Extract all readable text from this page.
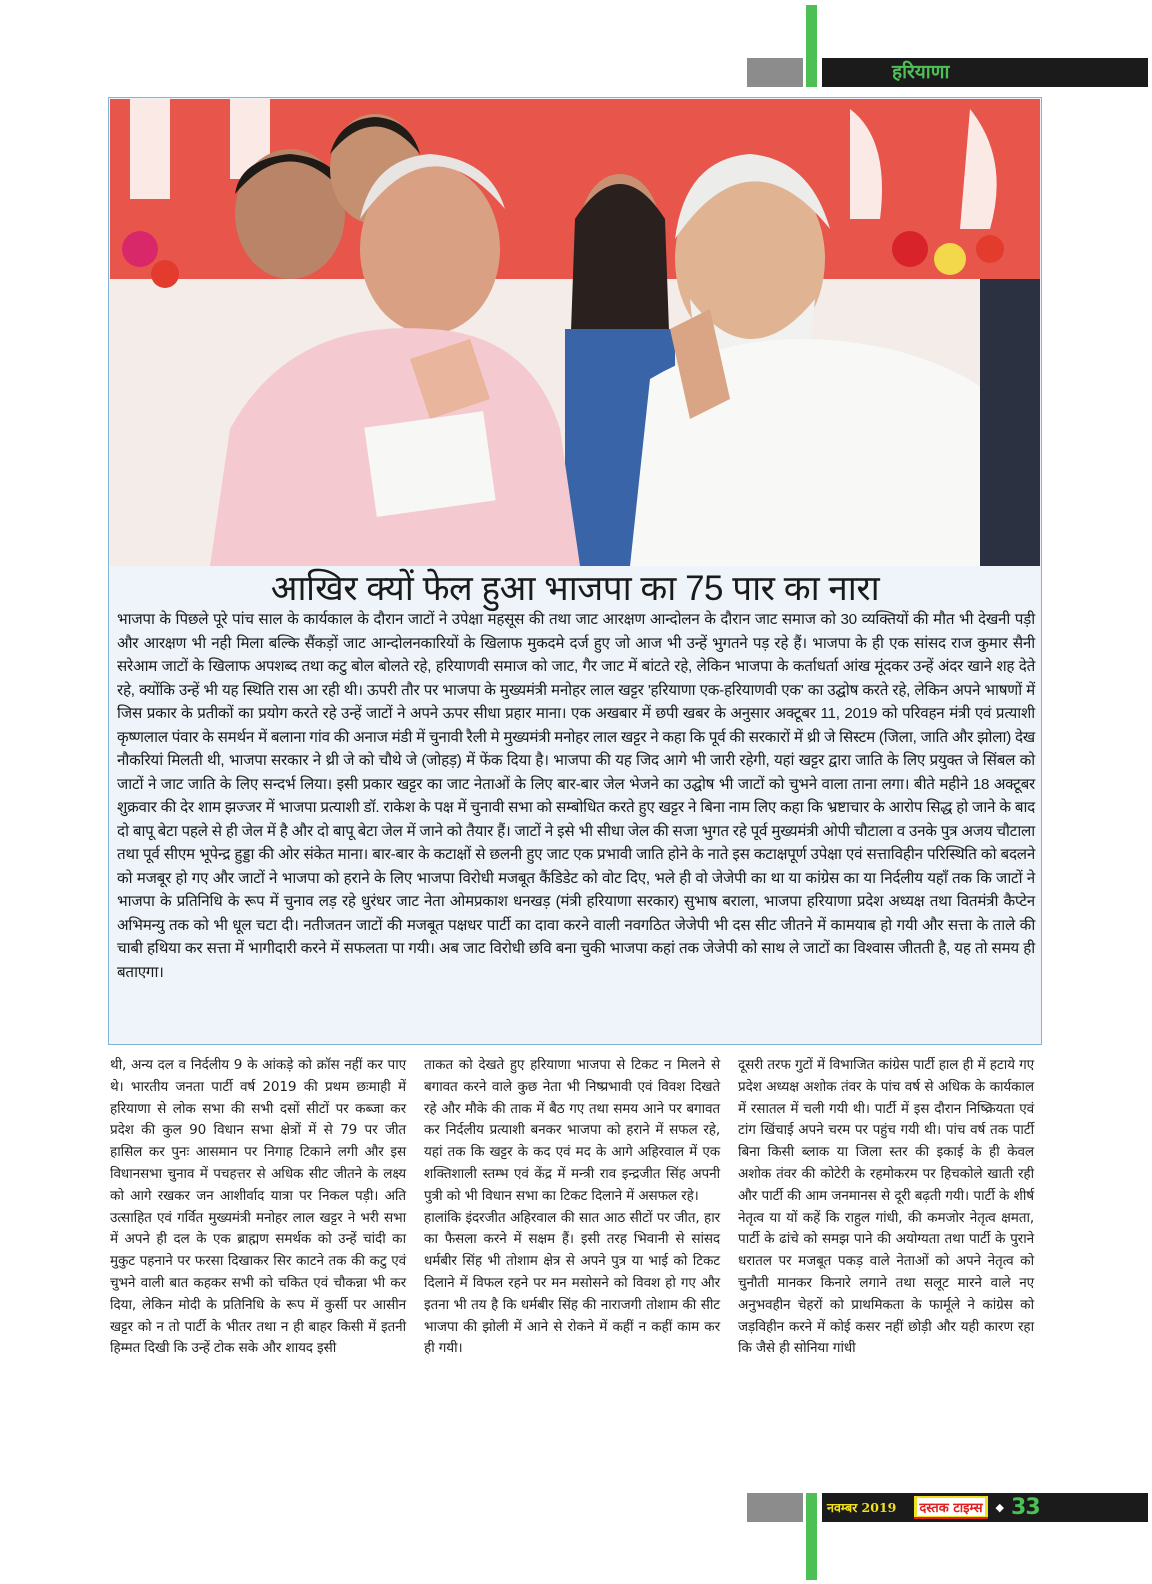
हरियाणा
आखिर क्यों फेल हुआ भाजपा का 75 पार का नारा
भाजपा के पिछले पूरे पांच साल के कार्यकाल के दौरान जाटों ने उपेक्षा महसूस की तथा जाट आरक्षण आन्दोलन के दौरान जाट समाज को 30 व्यक्तियों की मौत भी देखनी पड़ी और आरक्षण भी नही मिला बल्कि सैंकड़ों जाट आन्दोलनकारियों के खिलाफ मुकदमे दर्ज हुए जो आज भी उन्हें भुगतने पड़ रहे हैं। भाजपा के ही एक सांसद राज कुमार सैनी सरेआम जाटों के खिलाफ अपशब्द तथा कटु बोल बोलते रहे, हरियाणवी समाज को जाट, गैर जाट में बांटते रहे, लेकिन भाजपा के कर्ताधर्ता आंख मूंदकर उन्हें अंदर खाने शह देते रहे, क्योंकि उन्हें भी यह स्थिति रास आ रही थी। ऊपरी तौर पर भाजपा के मुख्यमंत्री मनोहर लाल खट्टर 'हरियाणा एक-हरियाणवी एक' का उद्घोष करते रहे, लेकिन अपने भाषणों में जिस प्रकार के प्रतीकों का प्रयोग करते रहे उन्हें जाटों ने अपने ऊपर सीधा प्रहार माना। एक अखबार में छपी खबर के अनुसार अक्टूबर 11, 2019 को परिवहन मंत्री एवं प्रत्याशी कृष्णलाल पंवार के समर्थन में बलाना गांव की अनाज मंडी में चुनावी रैली मे मुख्यमंत्री मनोहर लाल खट्टर ने कहा कि पूर्व की सरकारों में थ्री जे सिस्टम (जिला, जाति और झोला) देख नौकरियां मिलती थी, भाजपा सरकार ने थ्री जे को चौथे जे (जोहड़) में फेंक दिया है। भाजपा की यह जिद आगे भी जारी रहेगी, यहां खट्टर द्वारा जाति के लिए प्रयुक्त जे सिंबल को जाटों ने जाट जाति के लिए सन्दर्भ लिया। इसी प्रकार खट्टर का जाट नेताओं के लिए बार-बार जेल भेजने का उद्घोष भी जाटों को चुभने वाला ताना लगा। बीते महीने 18 अक्टूबर शुक्रवार की देर शाम झज्जर में भाजपा प्रत्याशी डॉ. राकेश के पक्ष में चुनावी सभा को सम्बोधित करते हुए खट्टर ने बिना नाम लिए कहा कि भ्रष्टाचार के आरोप सिद्ध हो जाने के बाद दो बापू बेटा पहले से ही जेल में है और दो बापू बेटा जेल में जाने को तैयार हैं। जाटों ने इसे भी सीधा जेल की सजा भुगत रहे पूर्व मुख्यमंत्री ओपी चौटाला व उनके पुत्र अजय चौटाला तथा पूर्व सीएम भूपेन्द्र हुड्डा की ओर संकेत माना। बार-बार के कटाक्षों से छलनी हुए जाट एक प्रभावी जाति होने के नाते इस कटाक्षपूर्ण उपेक्षा एवं सत्ताविहीन परिस्थिति को बदलने को मजबूर हो गए और जाटों ने भाजपा को हराने के लिए भाजपा विरोधी मजबूत कैंडिडेट को वोट दिए, भले ही वो जेजेपी का था या कांग्रेस का या निर्दलीय यहाँ तक कि जाटों ने भाजपा के प्रतिनिधि के रूप में चुनाव लड़ रहे धुरंधर जाट नेता ओमप्रकाश धनखड़ (मंत्री हरियाणा सरकार) सुभाष बराला, भाजपा हरियाणा प्रदेश अध्यक्ष तथा वितमंत्री कैप्टेन अभिमन्यु तक को भी धूल चटा दी। नतीजतन जाटों की मजबूत पक्षधर पार्टी का दावा करने वाली नवगठित जेजेपी भी दस सीट जीतने में कामयाब हो गयी और सत्ता के ताले की चाबी हथिया कर सत्ता में भागीदारी करने में सफलता पा गयी। अब जाट विरोधी छवि बना चुकी भाजपा कहां तक जेजेपी को साथ ले जाटों का विश्वास जीतती है, यह तो समय ही बताएगा।

थी, अन्य दल व निर्दलीय 9 के आंकड़े को क्रॉस नहीं कर पाए थे। भारतीय जनता पार्टी वर्ष 2019 की प्रथम छःमाही में हरियाणा से लोक सभा की सभी दसों सीटों पर कब्जा कर प्रदेश की कुल 90 विधान सभा क्षेत्रों में से 79 पर जीत हासिल कर पुनः आसमान पर निगाह टिकाने लगी और इस विधानसभा चुनाव में पचहत्तर से अधिक सीट जीतने के लक्ष्य को आगे रखकर जन आशीर्वाद यात्रा पर निकल पड़ी। अति उत्साहित एवं गर्वित मुख्यमंत्री मनोहर लाल खट्टर ने भरी सभा में अपने ही दल के एक ब्राह्मण समर्थक को उन्हें चांदी का मुकुट पहनाने पर फरसा दिखाकर सिर काटने तक की कटु एवं चुभने वाली बात कहकर सभी को चकित एवं चौकन्ना भी कर दिया, लेकिन मोदी के प्रतिनिधि के रूप में कुर्सी पर आसीन खट्टर को न तो पार्टी के भीतर तथा न ही बाहर किसी में इतनी हिम्मत दिखी कि उन्हें टोक सके और शायद इसी

ताकत को देखते हुए हरियाणा भाजपा से टिकट न मिलने से बगावत करने वाले कुछ नेता भी निष्प्रभावी एवं विवश दिखते रहे और मौके की ताक में बैठ गए तथा समय आने पर बगावत कर निर्दलीय प्रत्याशी बनकर भाजपा को हराने में सफल रहे, यहां तक कि खट्टर के कद एवं मद के आगे अहिरवाल में एक शक्तिशाली स्तम्भ एवं केंद्र में मन्त्री राव इन्द्रजीत सिंह अपनी पुत्री को भी विधान सभा का टिकट दिलाने में असफल रहे।

हालांकि इंदरजीत अहिरवाल की सात आठ सीटों पर जीत, हार का फैसला करने में सक्षम हैं। इसी तरह भिवानी से सांसद धर्मबीर सिंह भी तोशाम क्षेत्र से अपने पुत्र या भाई को टिकट दिलाने में विफल रहने पर मन मसोसने को विवश हो गए और इतना भी तय है कि धर्मबीर सिंह की नाराजगी तोशाम की सीट भाजपा की झोली में आने से रोकने में कहीं न कहीं काम कर ही गयी।

दूसरी तरफ गुटों में विभाजित कांग्रेस पार्टी हाल ही में हटाये गए प्रदेश अध्यक्ष अशोक तंवर के पांच वर्ष से अधिक के कार्यकाल में रसातल में चली गयी थी। पार्टी में इस दौरान निष्क्रियता एवं टांग खिंचाई अपने चरम पर पहुंच गयी थी। पांच वर्ष तक पार्टी बिना किसी ब्लाक या जिला स्तर की इकाई के ही केवल अशोक तंवर की कोटेरी के रहमोकरम पर हिचकोले खाती रही और पार्टी की आम जनमानस से दूरी बढ़ती गयी। पार्टी के शीर्ष नेतृत्व या यों कहें कि राहुल गांधी, की कमजोर नेतृत्व क्षमता, पार्टी के ढांचे को समझ पाने की अयोग्यता तथा पार्टी के पुराने धरातल पर मजबूत पकड़ वाले नेताओं को अपने नेतृत्व को चुनौती मानकर किनारे लगाने तथा सलूट मारने वाले नए अनुभवहीन चेहरों को प्राथमिकता के फार्मूले ने कांग्रेस को जड़विहीन करने में कोई कसर नहीं छोड़ी और यही कारण रहा कि जैसे ही सोनिया गांधी

नवम्बर 2019 दस्तक टाइम्स ◆ 33
